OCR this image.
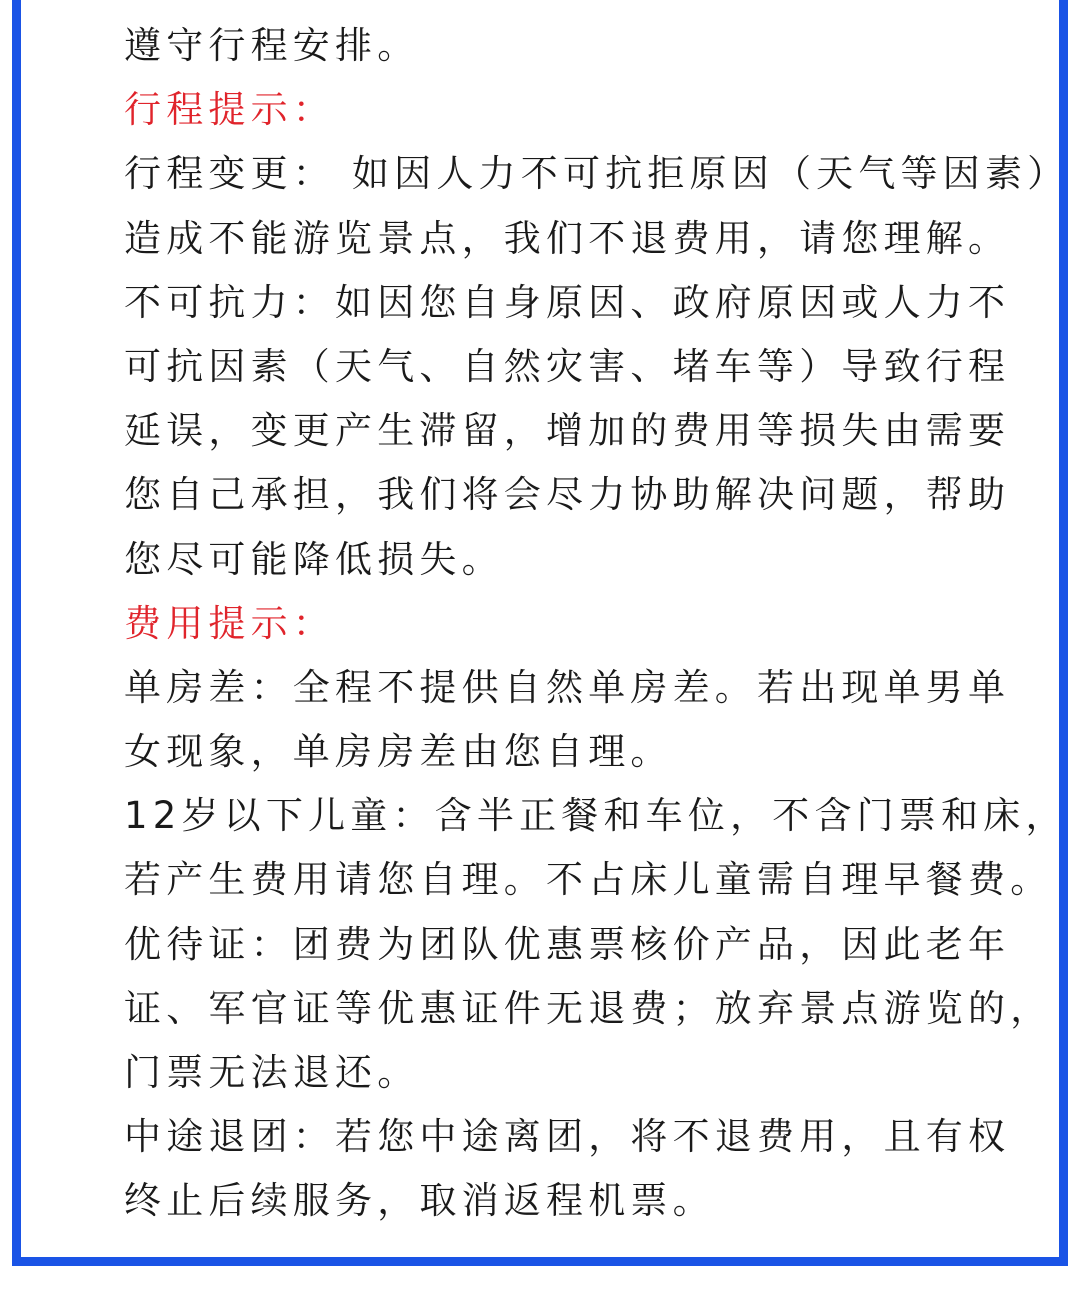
遵守行程安排。
行程提示：
行程变更： 如因人力不可抗拒原因（天气等因素）
造成不能游览景点，我们不退费用，请您理解。
不可抗力：如因您自身原因、政府原因或人力不
可抗因素（天气、自然灾害、堵车等）导致行程
延误，变更产生滞留，增加的费用等损失由需要
您自己承担，我们将会尽力协助解决问题，帮助
您尽可能降低损失。
费用提示：
单房差：全程不提供自然单房差。若出现单男单
女现象，单房房差由您自理。
12岁以下儿童：含半正餐和车位，不含门票和床，
若产生费用请您自理。不占床儿童需自理早餐费。
优待证：团费为团队优惠票核价产品，因此老年
证、军官证等优惠证件无退费；放弃景点游览的，
门票无法退还。
中途退团：若您中途离团，将不退费用，且有权
终止后续服务，取消返程机票。
